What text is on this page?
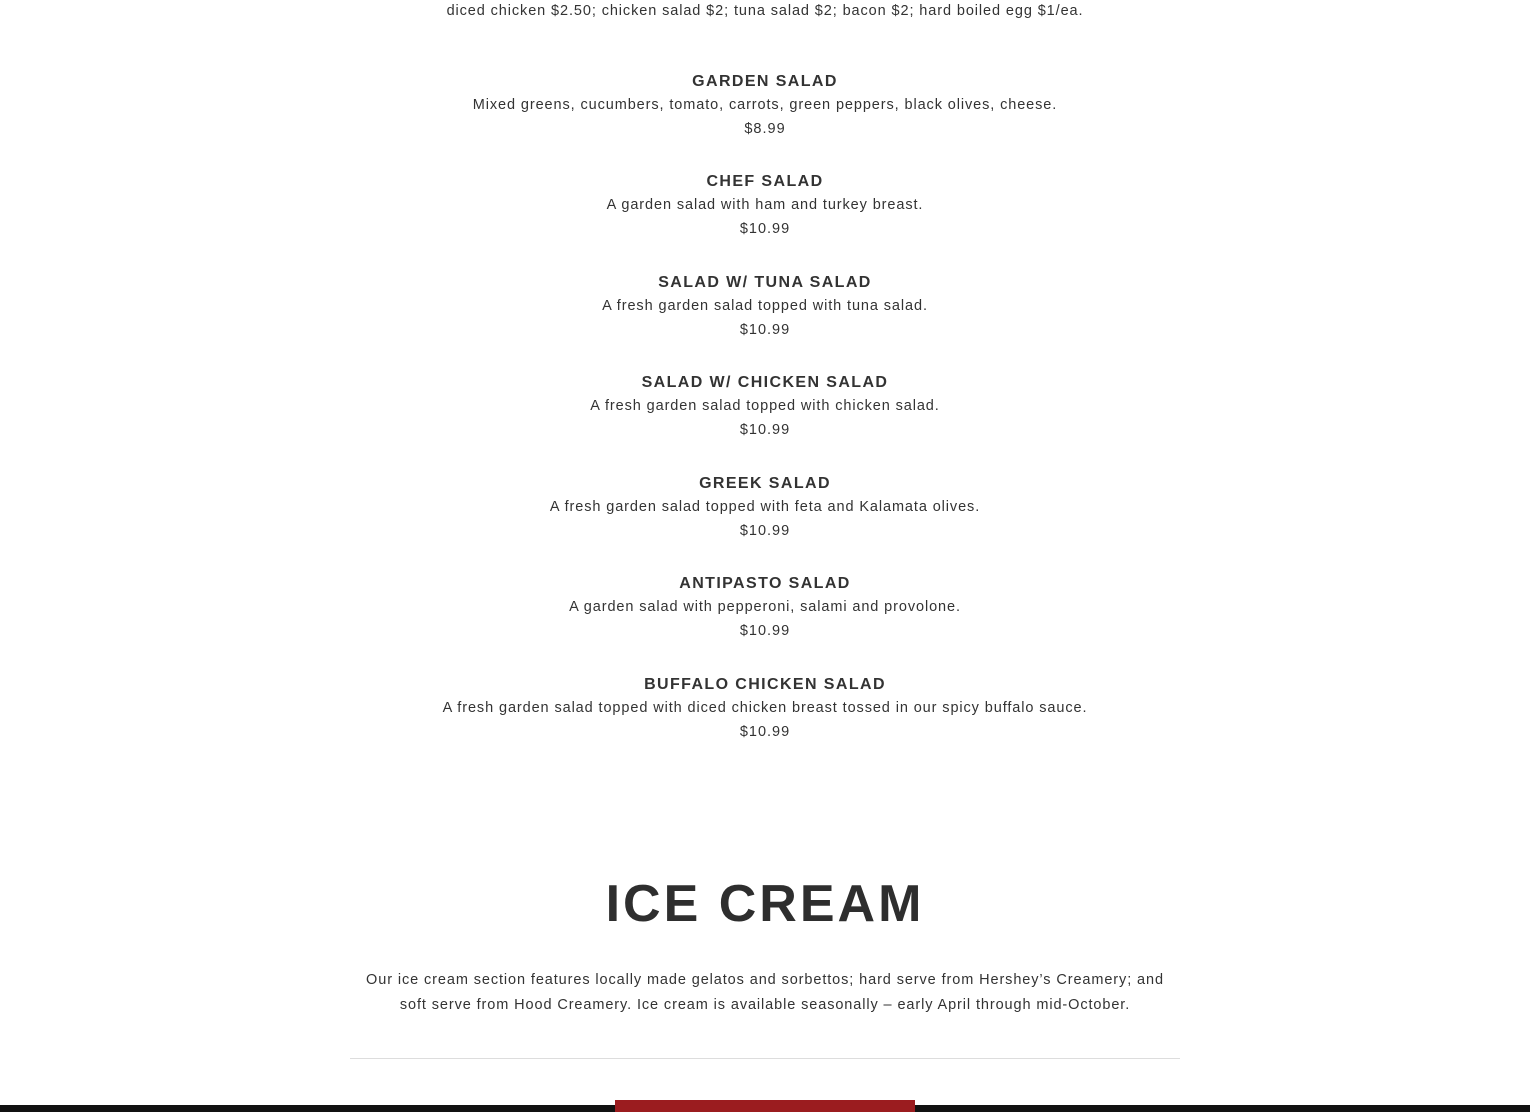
diced chicken $2.50; chicken salad $2; tuna salad $2; bacon $2; hard boiled egg $1/ea.
GARDEN SALAD
Mixed greens, cucumbers, tomato, carrots, green peppers, black olives, cheese.
$8.99
CHEF SALAD
A garden salad with ham and turkey breast.
$10.99
SALAD W/ TUNA SALAD
A fresh garden salad topped with tuna salad.
$10.99
SALAD W/ CHICKEN SALAD
A fresh garden salad topped with chicken salad.
$10.99
GREEK SALAD
A fresh garden salad topped with feta and Kalamata olives.
$10.99
ANTIPASTO SALAD
A garden salad with pepperoni, salami and provolone.
$10.99
BUFFALO CHICKEN SALAD
A fresh garden salad topped with diced chicken breast tossed in our spicy buffalo sauce.
$10.99
ICE CREAM
Our ice cream section features locally made gelatos and sorbettos; hard serve from Hershey’s Creamery; and
soft serve from Hood Creamery. Ice cream is available seasonally – early April through mid-October.
